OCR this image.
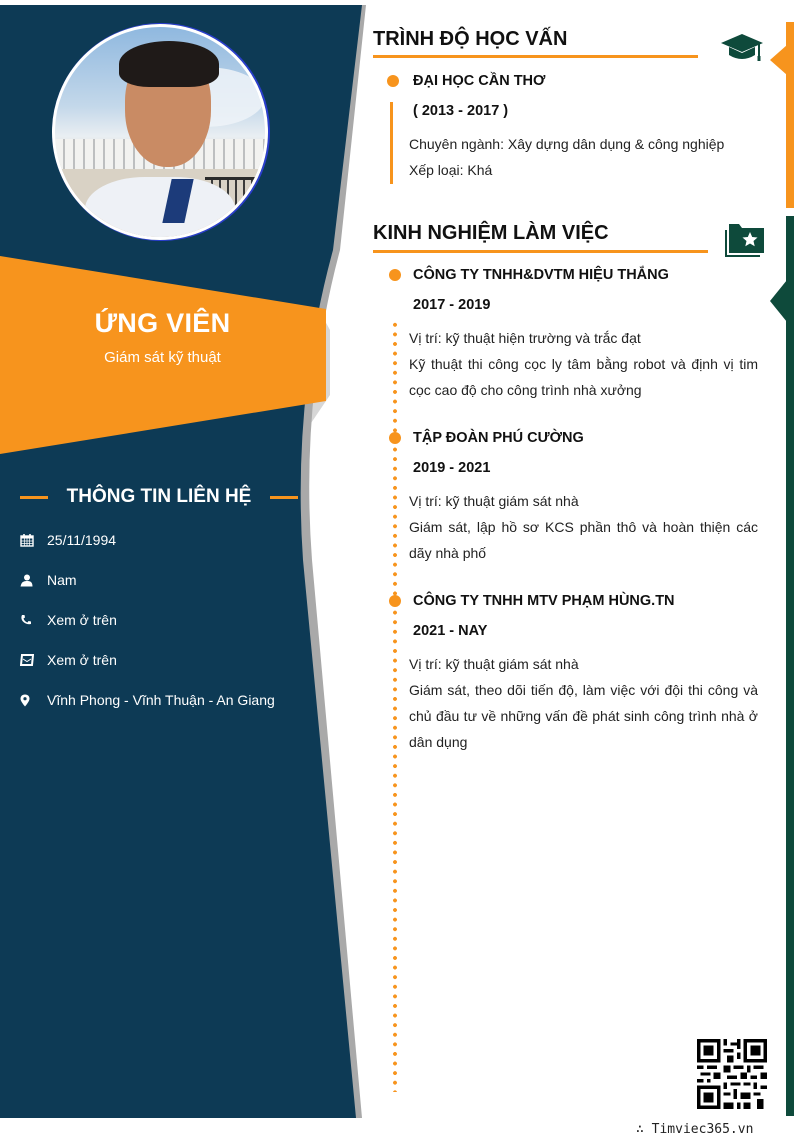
ỨNG VIÊN
Giám sát kỹ thuật
THÔNG TIN LIÊN HỆ
25/11/1994
Nam
Xem ở trên
Xem ở trên
Vĩnh Phong - Vĩnh Thuận - An Giang
TRÌNH ĐỘ HỌC VẤN
ĐẠI HỌC CẦN THƠ
( 2013 - 2017 )
Chuyên ngành: Xây dựng dân dụng & công nghiệp
Xếp loại: Khá
KINH NGHIỆM LÀM VIỆC
CÔNG TY TNHH&DVTM HIỆU THẮNG
2017 - 2019
Vị trí: kỹ thuật hiện trường và trắc đạt
Kỹ thuật thi công cọc ly tâm bằng robot và định vị tim cọc cao độ cho công trình nhà xưởng
TẬP ĐOÀN PHÚ CƯỜNG
2019 - 2021
Vị trí: kỹ thuật giám sát nhà
Giám sát, lập hồ sơ KCS phần thô và hoàn thiện các dãy nhà phố
CÔNG TY TNHH MTV PHẠM HÙNG.TN
2021 - NAY
Vị trí: kỹ thuật giám sát nhà
Giám sát, theo dõi tiến độ, làm việc với đội thi công và chủ đầu tư về những vấn đề phát sinh công trình nhà ở dân dụng
∴ Timviec365.vn
